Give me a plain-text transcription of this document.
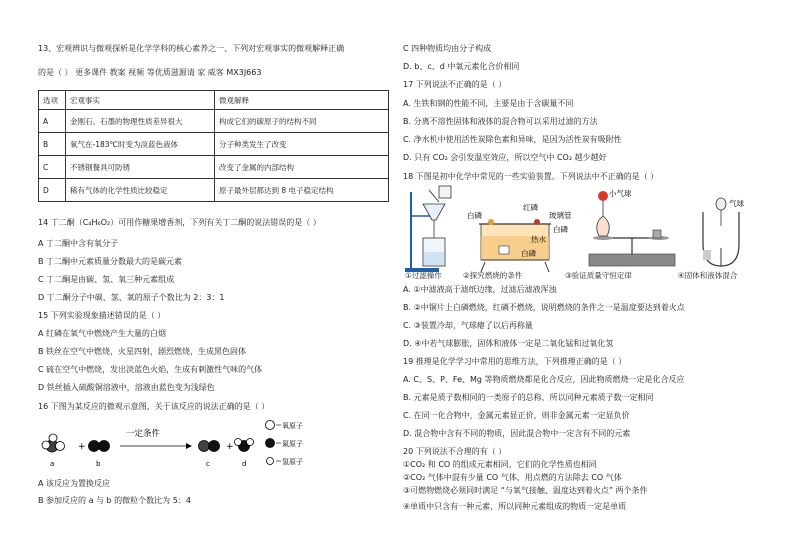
13、宏观辨识与微观探析是化学学科的核心素养之一、下列对宏观事实的微观解释正确
的是（ ） 更多课件 教案 视频 等优质滋源请 家 威客 MX3J663
选项	宏观事实	微观解释
A	金刚石、石墨的物理性质差异很大	构成它们的碳原子的结构不同
B	氧气在-183℃时变为淡蓝色液体	分子种类发生了改变
C	不锈钢餐具可防锈	改变了金属的内部结构
D	稀有气体的化学性质比较稳定	原子最外层都达到 8 电子稳定结构
14 丁二酮（C₄H₆O₂）可用作糖果增香剂，下列有关丁二酮的说法错误的是（ ）
A 丁二酮中含有氧分子
B 丁二酮中元素质量分数最大的是碳元素
C 丁二酮是由碳、氢、氧三种元素组成
D 丁二酮分子中碳、氢、氧的原子个数比为 2：3：1
15 下列实验现象描述错误的是（ ）
A 红磷在氧气中燃烧产生大量的白烟
B 铁丝在空气中燃烧，火星四射，剧烈燃烧，生成黑色固体
C 硫在空气中燃烧，发出淡蓝色火焰，生成有刺激性气味的气体
D 铁丝插入硫酸铜溶液中，溶液由蓝色变为浅绿色
16 下图为某反应的微观示意图，关于该反应的说法正确的是（ ）
+
一定条件
+
a	b	c	d
氧原子
氮原子
氢原子
A 该反应为置换反应
B 参加反应的 a 与 b 的微粒个数比为 5：4
C 四种物质均由分子构成
D. b、c、d 中氧元素化合价相同
17 下列说法不正确的是（ ）
A. 生铁和钢的性能不同，主要是由于含碳量不同
B. 分离不溶性固体和液体的混合物可以采用过滤的方法
C. 净水机中使用活性炭除色素和异味，是因为活性炭有吸附性
D. 只有 CO₂ 会引发温室效应，所以空气中 CO₂ 越少越好
18 下图是初中化学中常见的一些实验装置。下列说法中不正确的是（ ）
白磷
红磷
热水
白磷
小气球
玻璃管
白磷
气球
①过滤操作	②探究燃烧的条件	③验证质量守恒定律	④固体和液体混合
A. ①中滤液高于滤纸边缘，过滤后滤液浑浊
B. ②中铜片上白磷燃烧，红磷不燃烧，说明燃烧的条件之一是温度要达到着火点
C. ③装置冷却，气球瘪了以后再称量
D. ④中若气球膨胀，固体和液体一定是二氧化锰和过氧化氢
19 推理是化学学习中常用的思维方法，下列推理正确的是（ ）
A. C、S、P、Fe、Mg 等物质燃烧都是化合反应，因此物质燃烧一定是化合反应
B. 元素是质子数相同的一类原子的总称，所以同种元素质子数一定相同
C. 在同一化合物中，金属元素显正价，则非金属元素一定显负价
D. 混合物中含有不同的物质，因此混合物中一定含有不同的元素
20 下列说法不合理的有（ ）
①CO₂ 和 CO 的组成元素相同，它们的化学性质也相同
②CO₂ 气体中混有少量 CO 气体，用点燃的方法除去 CO 气体
③可燃物燃烧必须同时满足 “与氧气接触、温度达到着火点” 两个条件
④单质中只含有一种元素，所以同种元素组成的物质一定是单质
